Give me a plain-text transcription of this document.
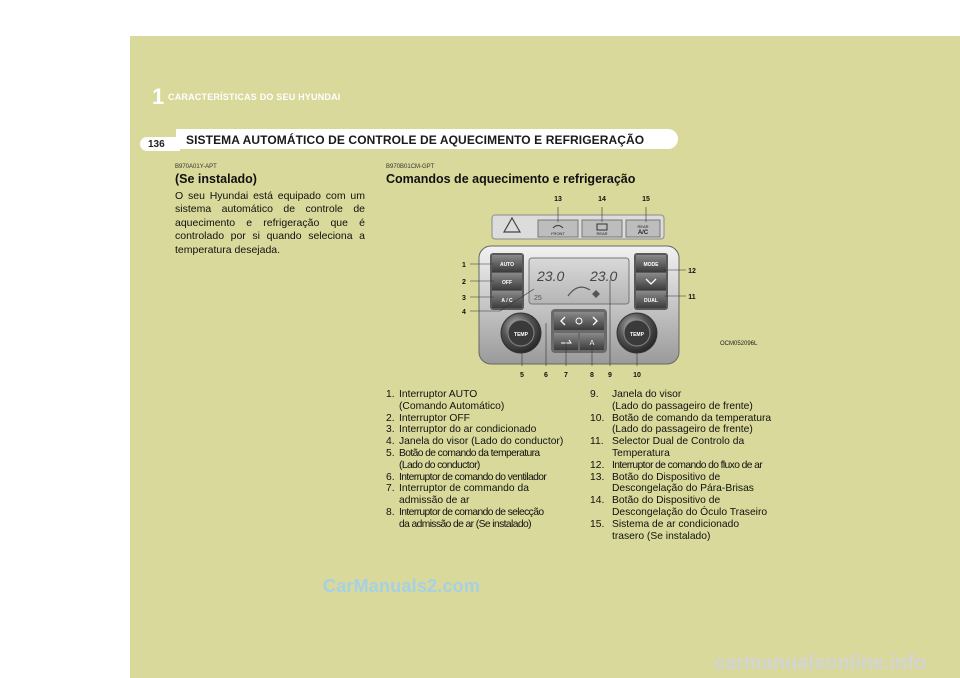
1 CARACTERÍSTICAS DO SEU HYUNDAI
136 SISTEMA AUTOMÁTICO DE CONTROLE DE AQUECIMENTO E REFRIGERAÇÃO
B970A01Y-APT
(Se instalado)
O seu Hyundai está equipado com um sistema automático de controle de aquecimento e refrigeração que é controlado por si quando seleciona a temperatura desejada.
B970B01CM-GPT
Comandos de aquecimento e refrigeração
FRONT	REAR
REAR
A/C
AUTO
OFF
A / C
23.0 23.0
25
MODE
DUAL
TEMP	TEMP
A
13	14	15
1
2
3
4
12
11
5	6 7	8 9	10
OCM052096L
1. Interruptor AUTO
(Comando Automático)
2. Interruptor OFF
3. Interruptor do ar condicionado
4. Janela do visor (Lado do conductor)
5. Botão de comando da temperatura
(Lado do conductor)
6. Interruptor de comando do ventilador
7. Interruptor de commando da
admissão de ar
8. Interruptor de comando de selecção
da admissão de ar (Se instalado)
9.	Janela do visor
(Lado do passageiro de frente)
10. Botão de comando da temperatura
(Lado do passageiro de frente)
11. Selector Dual de Controlo da
Temperatura
12. Interruptor de comando do fluxo de ar
13. Botão do Dispositivo de
Descongelação do Pára-Brisas
14. Botão do Dispositivo de
Descongelação do Óculo Traseiro
15. Sistema de ar condicionado
trasero (Se instalado)
CarManuals2.com
carmanualsonline.info
